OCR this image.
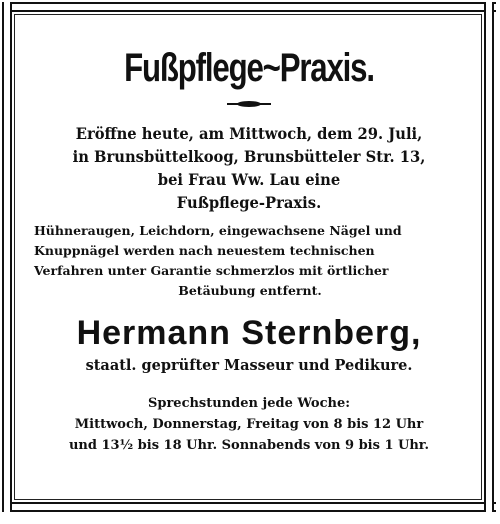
Fußpflege~Praxis.
Eröffne heute, am Mittwoch, dem 29. Juli,
in Brunsbüttelkoog, Brunsbütteler Str. 13,
bei Frau Ww. Lau eine
Fußpflege-Praxis.
Hühneraugen, Leichdorn, eingewachsene Nägel und
Knuppnägel werden nach neuestem technischen
Verfahren unter Garantie schmerzlos mit örtlicher
Betäubung entfernt.
Hermann Sternberg,
staatl. geprüfter Masseur und Pedikure.
Sprechstunden jede Woche:
Mittwoch, Donnerstag, Freitag von 8 bis 12 Uhr
und 13½ bis 18 Uhr. Sonnabends von 9 bis 1 Uhr.
